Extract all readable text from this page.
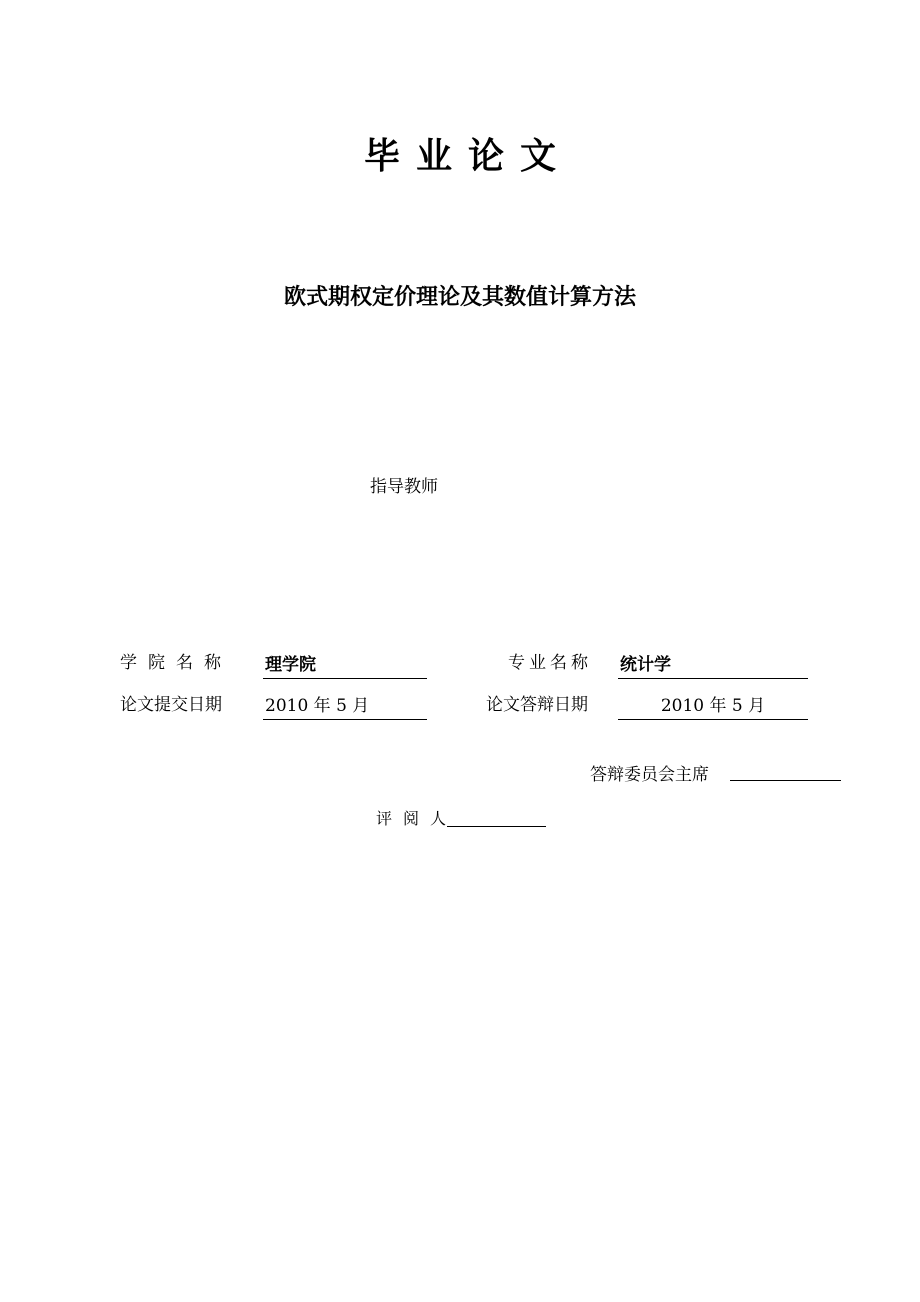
毕业论文
欧式期权定价理论及其数值计算方法
指导教师
学院名称 理学院	专业名称 统计学
论文提交日期	2010 年 5 月	论文答辩日期	2010 年 5 月
答辩委员会主席
评阅人
